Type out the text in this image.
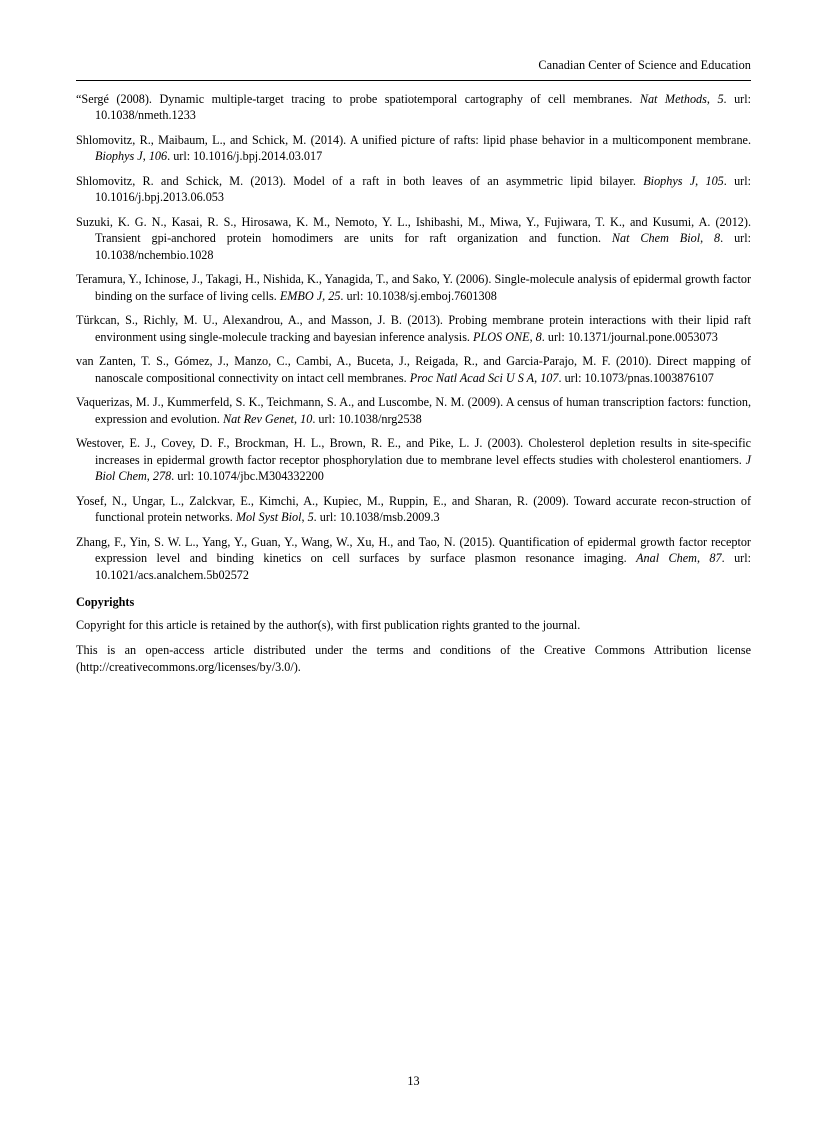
Canadian Center of Science and Education

“Sergé (2008). Dynamic multiple-target tracing to probe spatiotemporal cartography of cell membranes. Nat Methods, 5. url: 10.1038/nmeth.1233

Shlomovitz, R., Maibaum, L., and Schick, M. (2014). A unified picture of rafts: lipid phase behavior in a multicomponent membrane. Biophys J, 106. url: 10.1016/j.bpj.2014.03.017

Shlomovitz, R. and Schick, M. (2013). Model of a raft in both leaves of an asymmetric lipid bilayer. Biophys J, 105. url: 10.1016/j.bpj.2013.06.053

Suzuki, K. G. N., Kasai, R. S., Hirosawa, K. M., Nemoto, Y. L., Ishibashi, M., Miwa, Y., Fujiwara, T. K., and Kusumi, A. (2012). Transient gpi-anchored protein homodimers are units for raft organization and function. Nat Chem Biol, 8. url: 10.1038/nchembio.1028

Teramura, Y., Ichinose, J., Takagi, H., Nishida, K., Yanagida, T., and Sako, Y. (2006). Single-molecule analysis of epidermal growth factor binding on the surface of living cells. EMBO J, 25. url: 10.1038/sj.emboj.7601308

Türkcan, S., Richly, M. U., Alexandrou, A., and Masson, J. B. (2013). Probing membrane protein interactions with their lipid raft environment using single-molecule tracking and bayesian inference analysis. PLOS ONE, 8. url: 10.1371/journal.pone.0053073

van Zanten, T. S., Gómez, J., Manzo, C., Cambi, A., Buceta, J., Reigada, R., and Garcia-Parajo, M. F. (2010). Direct mapping of nanoscale compositional connectivity on intact cell membranes. Proc Natl Acad Sci U S A, 107. url: 10.1073/pnas.1003876107

Vaquerizas, M. J., Kummerfeld, S. K., Teichmann, S. A., and Luscombe, N. M. (2009). A census of human transcription factors: function, expression and evolution. Nat Rev Genet, 10. url: 10.1038/nrg2538

Westover, E. J., Covey, D. F., Brockman, H. L., Brown, R. E., and Pike, L. J. (2003). Cholesterol depletion results in site-specific increases in epidermal growth factor receptor phosphorylation due to membrane level effects studies with cholesterol enantiomers. J Biol Chem, 278. url: 10.1074/jbc.M304332200

Yosef, N., Ungar, L., Zalckvar, E., Kimchi, A., Kupiec, M., Ruppin, E., and Sharan, R. (2009). Toward accurate recon-struction of functional protein networks. Mol Syst Biol, 5. url: 10.1038/msb.2009.3

Zhang, F., Yin, S. W. L., Yang, Y., Guan, Y., Wang, W., Xu, H., and Tao, N. (2015). Quantification of epidermal growth factor receptor expression level and binding kinetics on cell surfaces by surface plasmon resonance imaging. Anal Chem, 87. url: 10.1021/acs.analchem.5b02572

Copyrights

Copyright for this article is retained by the author(s), with first publication rights granted to the journal.

This is an open-access article distributed under the terms and conditions of the Creative Commons Attribution license (http://creativecommons.org/licenses/by/3.0/).

13
